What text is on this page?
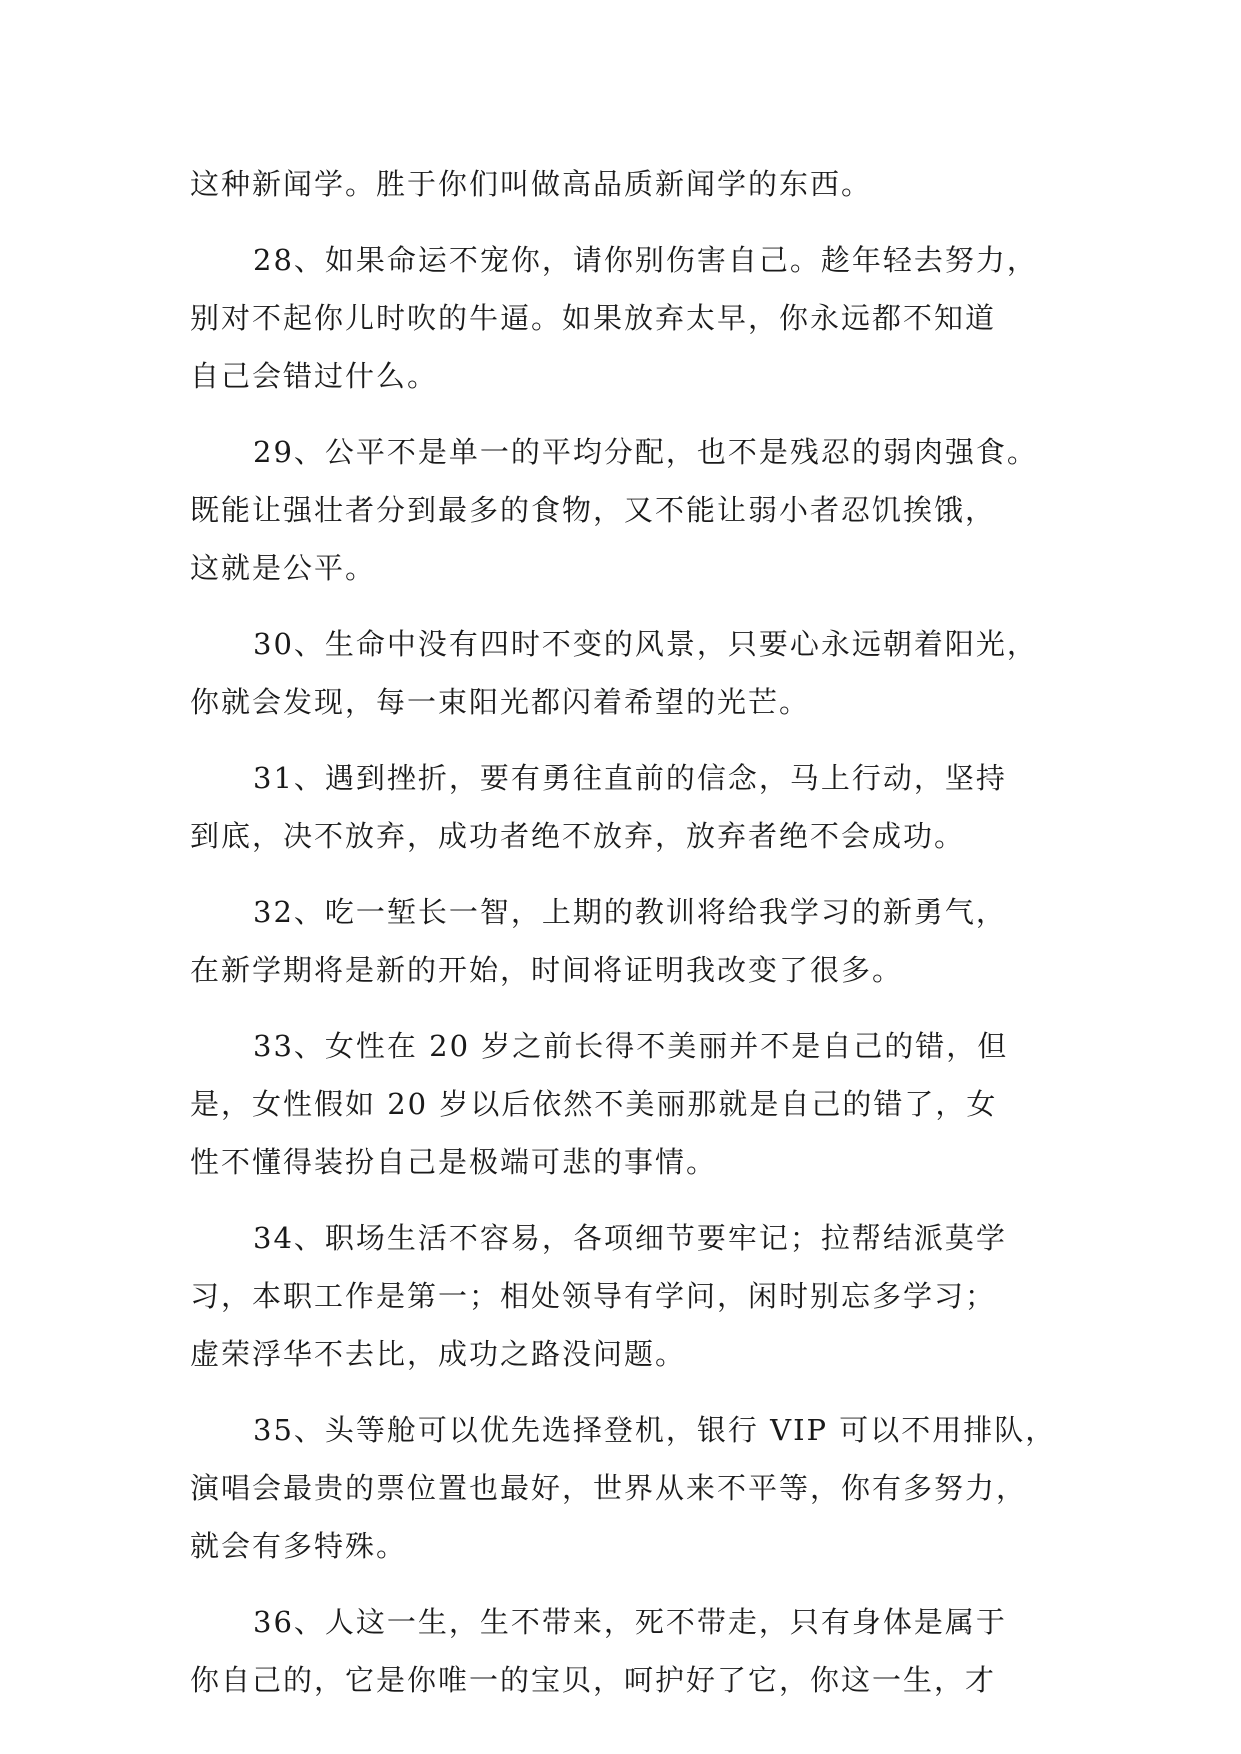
这种新闻学。胜于你们叫做高品质新闻学的东西。
28、如果命运不宠你，请你别伤害自己。趁年轻去努力，
别对不起你儿时吹的牛逼。如果放弃太早，你永远都不知道
自己会错过什么。
29、公平不是单一的平均分配，也不是残忍的弱肉强食。
既能让强壮者分到最多的食物，又不能让弱小者忍饥挨饿，
这就是公平。
30、生命中没有四时不变的风景，只要心永远朝着阳光，
你就会发现，每一束阳光都闪着希望的光芒。
31、遇到挫折，要有勇往直前的信念，马上行动，坚持
到底，决不放弃，成功者绝不放弃，放弃者绝不会成功。
32、吃一堑长一智，上期的教训将给我学习的新勇气，
在新学期将是新的开始，时间将证明我改变了很多。
33、女性在 20 岁之前长得不美丽并不是自己的错，但
是，女性假如 20 岁以后依然不美丽那就是自己的错了，女
性不懂得装扮自己是极端可悲的事情。
34、职场生活不容易，各项细节要牢记；拉帮结派莫学
习，本职工作是第一；相处领导有学问，闲时别忘多学习；
虚荣浮华不去比，成功之路没问题。
35、头等舱可以优先选择登机，银行 VIP 可以不用排队，
演唱会最贵的票位置也最好，世界从来不平等，你有多努力，
就会有多特殊。
36、人这一生，生不带来，死不带走，只有身体是属于
你自己的，它是你唯一的宝贝，呵护好了它，你这一生，才
